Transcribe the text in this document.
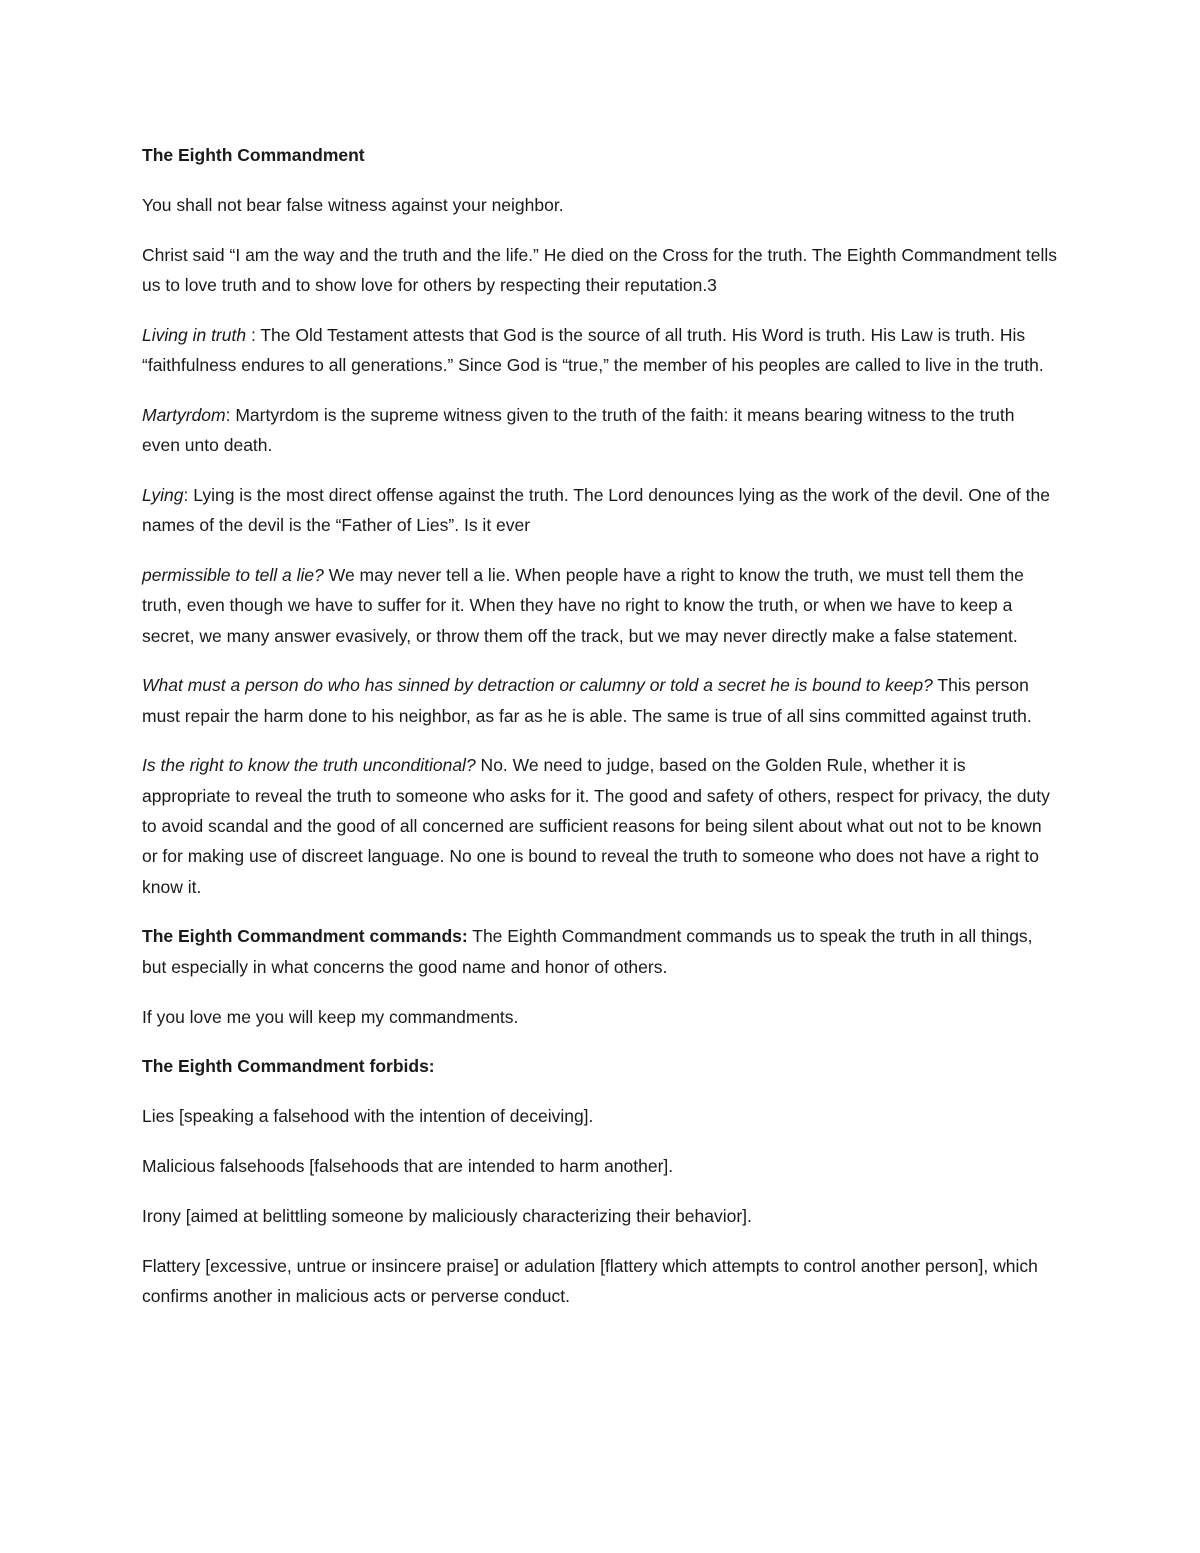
The Eighth Commandment

You shall not bear false witness against your neighbor.

Christ said “I am the way and the truth and the life.” He died on the Cross for the truth. The Eighth Commandment tells us to love truth and to show love for others by respecting their reputation.3

Living in truth : The Old Testament attests that God is the source of all truth. His Word is truth. His Law is truth. His “faithfulness endures to all generations.” Since God is “true,” the member of his peoples are called to live in the truth.

Martyrdom: Martyrdom is the supreme witness given to the truth of the faith: it means bearing witness to the truth even unto death.

Lying: Lying is the most direct offense against the truth. The Lord denounces lying as the work of the devil. One of the names of the devil is the “Father of Lies”. Is it ever

permissible to tell a lie? We may never tell a lie. When people have a right to know the truth, we must tell them the truth, even though we have to suffer for it. When they have no right to know the truth, or when we have to keep a secret, we many answer evasively, or throw them off the track, but we may never directly make a false statement.

What must a person do who has sinned by detraction or calumny or told a secret he is bound to keep? This person must repair the harm done to his neighbor, as far as he is able. The same is true of all sins committed against truth.

Is the right to know the truth unconditional? No. We need to judge, based on the Golden Rule, whether it is appropriate to reveal the truth to someone who asks for it. The good and safety of others, respect for privacy, the duty to avoid scandal and the good of all concerned are sufficient reasons for being silent about what out not to be known or for making use of discreet language. No one is bound to reveal the truth to someone who does not have a right to know it.

The Eighth Commandment commands: The Eighth Commandment commands us to speak the truth in all things, but especially in what concerns the good name and honor of others.

If you love me you will keep my commandments.

The Eighth Commandment forbids:

Lies [speaking a falsehood with the intention of deceiving].

Malicious falsehoods [falsehoods that are intended to harm another].

Irony [aimed at belittling someone by maliciously characterizing their behavior].

Flattery [excessive, untrue or insincere praise] or adulation [flattery which attempts to control another person], which confirms another in malicious acts or perverse conduct.
